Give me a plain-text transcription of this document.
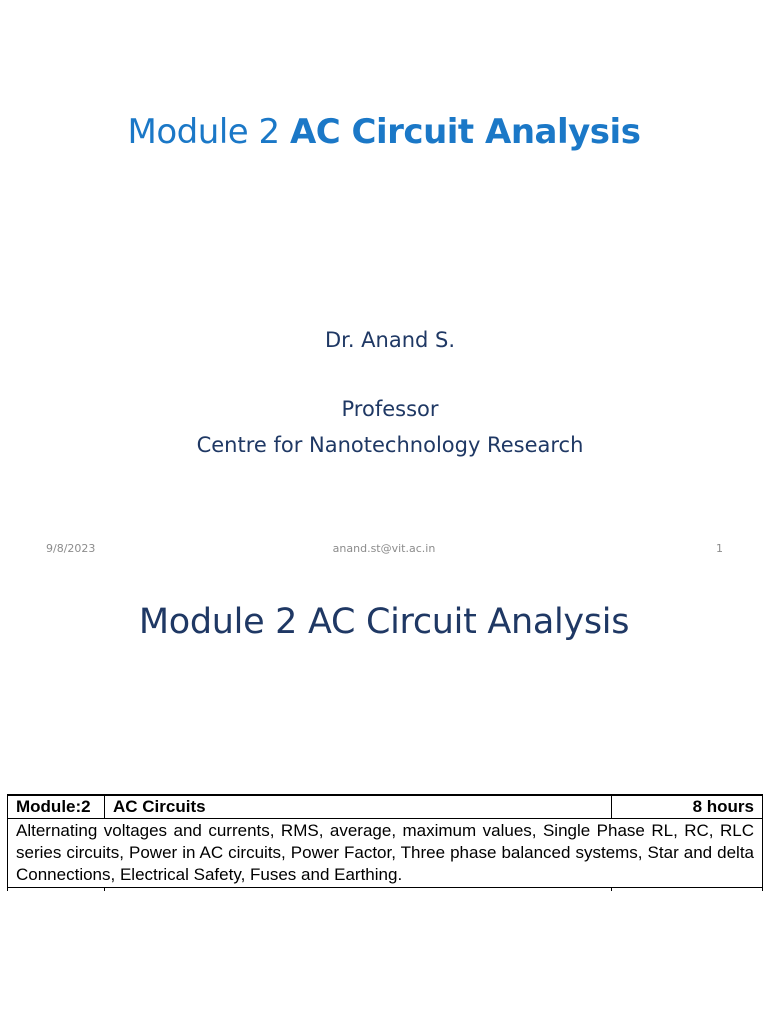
Module 2 AC Circuit Analysis

Dr. Anand S.

Professor

Centre for Nanotechnology Research

9/8/2023	anand.st@vit.ac.in	1
Module 2 AC Circuit Analysis
Module:2	AC Circuits	8 hours
Alternating voltages and currents, RMS, average, maximum values, Single Phase RL, RC, RLC series circuits, Power in AC circuits, Power Factor, Three phase balanced systems, Star and delta Connections, Electrical Safety, Fuses and Earthing.		
